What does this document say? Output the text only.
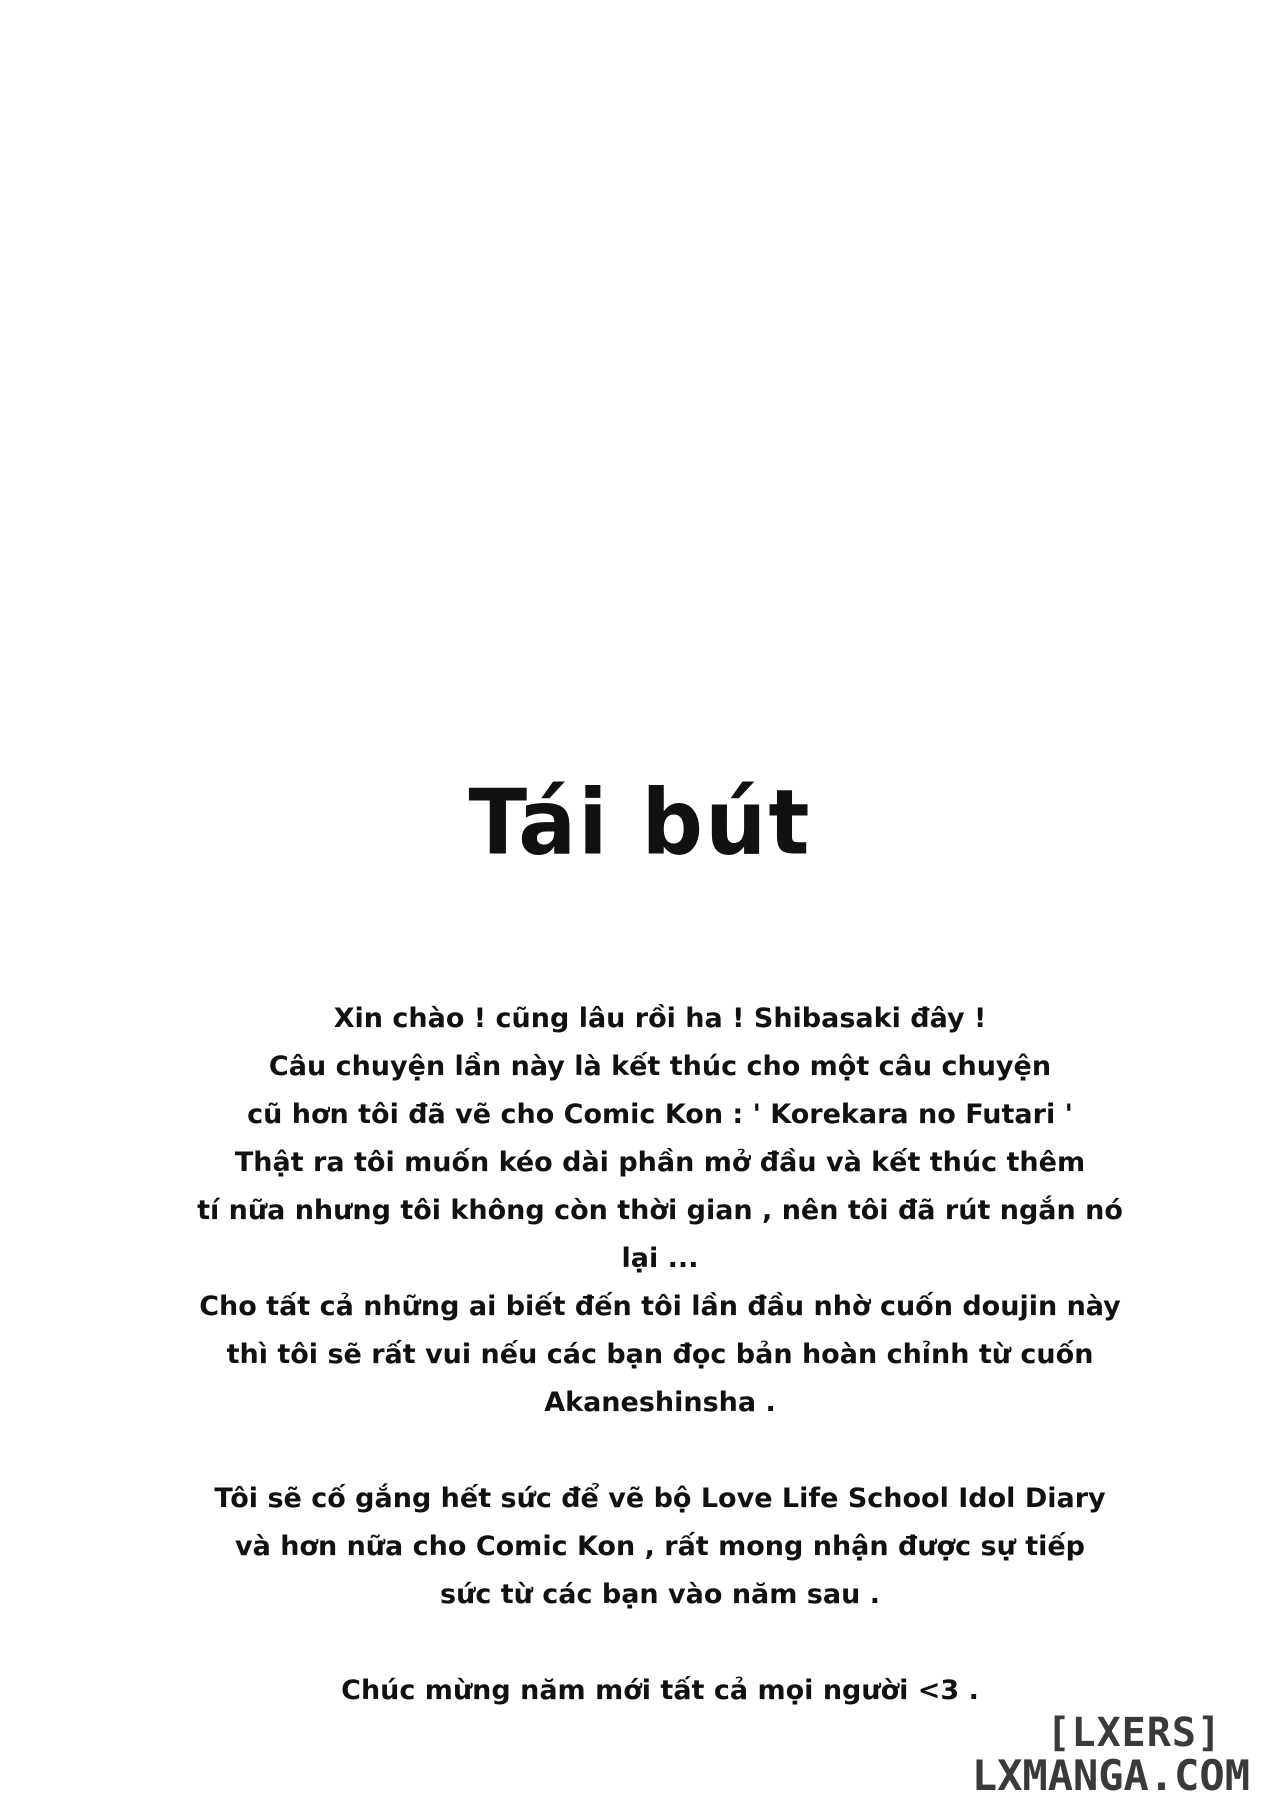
Tái bút
Xin chào ! cũng lâu rồi ha ! Shibasaki đây !
Câu chuyện lần này là kết thúc cho một câu chuyện
cũ hơn tôi đã vẽ cho Comic Kon : ' Korekara no Futari '
Thật ra tôi muốn kéo dài phần mở đầu và kết thúc thêm
tí nữa nhưng tôi không còn thời gian , nên tôi đã rút ngắn nó
lại ...
Cho tất cả những ai biết đến tôi lần đầu nhờ cuốn doujin này
thì tôi sẽ rất vui nếu các bạn đọc bản hoàn chỉnh từ cuốn
Akaneshinsha .
Tôi sẽ cố gắng hết sức để vẽ bộ Love Life School Idol Diary
và hơn nữa cho Comic Kon , rất mong nhận được sự tiếp
sức từ các bạn vào năm sau .
Chúc mừng năm mới tất cả mọi người <3 .
[LXERS]
LXMANGA.COM
